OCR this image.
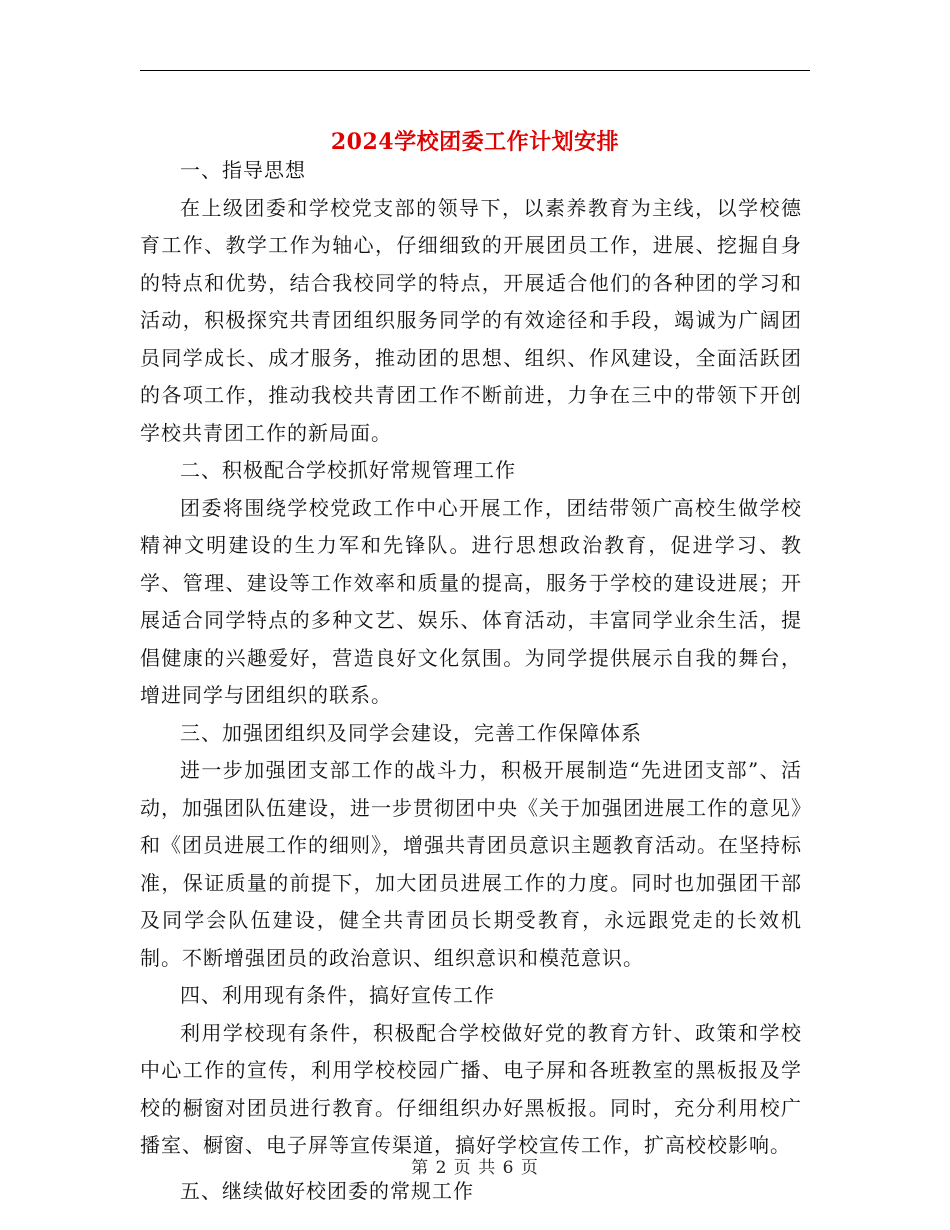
2024学校团委工作计划安排

一、指导思想

在上级团委和学校党支部的领导下，以素养教育为主线，以学校德育工作、教学工作为轴心，仔细细致的开展团员工作，进展、挖掘自身的特点和优势，结合我校同学的特点，开展适合他们的各种团的学习和活动，积极探究共青团组织服务同学的有效途径和手段，竭诚为广阔团员同学成长、成才服务，推动团的思想、组织、作风建设，全面活跃团的各项工作，推动我校共青团工作不断前进，力争在三中的带领下开创学校共青团工作的新局面。

二、积极配合学校抓好常规管理工作

团委将围绕学校党政工作中心开展工作，团结带领广高校生做学校精神文明建设的生力军和先锋队。进行思想政治教育，促进学习、教学、管理、建设等工作效率和质量的提高，服务于学校的建设进展；开展适合同学特点的多种文艺、娱乐、体育活动，丰富同学业余生活，提倡健康的兴趣爱好，营造良好文化氛围。为同学提供展示自我的舞台，增进同学与团组织的联系。

三、加强团组织及同学会建设，完善工作保障体系

进一步加强团支部工作的战斗力，积极开展制造“先进团支部”、活动，加强团队伍建设，进一步贯彻团中央《关于加强团进展工作的意见》和《团员进展工作的细则》，增强共青团员意识主题教育活动。在坚持标准，保证质量的前提下，加大团员进展工作的力度。同时也加强团干部及同学会队伍建设，健全共青团员长期受教育，永远跟党走的长效机制。不断增强团员的政治意识、组织意识和模范意识。

四、利用现有条件，搞好宣传工作

利用学校现有条件，积极配合学校做好党的教育方针、政策和学校中心工作的宣传，利用学校校园广播、电子屏和各班教室的黑板报及学校的橱窗对团员进行教育。仔细组织办好黑板报。同时，充分利用校广播室、橱窗、电子屏等宣传渠道，搞好学校宣传工作，扩高校校影响。

五、继续做好校团委的常规工作

第 2 页 共 6 页
